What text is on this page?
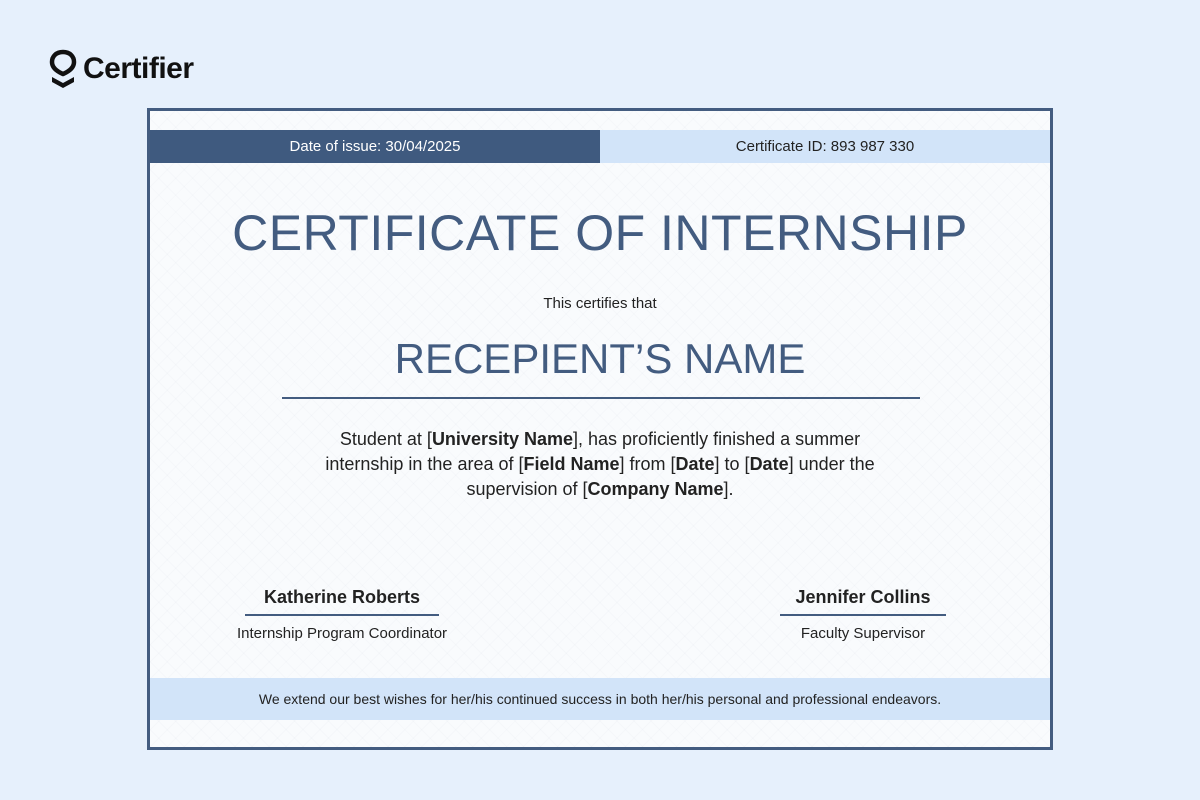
Certifier
Date of issue: 30/04/2025	Certificate ID: 893 987 330
CERTIFICATE OF INTERNSHIP
This certifies that
RECEPIENT’S NAME
Student at [University Name], has proficiently finished a summer internship in the area of [Field Name] from [Date] to [Date] under the supervision of [Company Name].
Katherine Roberts
Internship Program Coordinator
Jennifer Collins
Faculty Supervisor
We extend our best wishes for her/his continued success in both her/his personal and professional endeavors.
